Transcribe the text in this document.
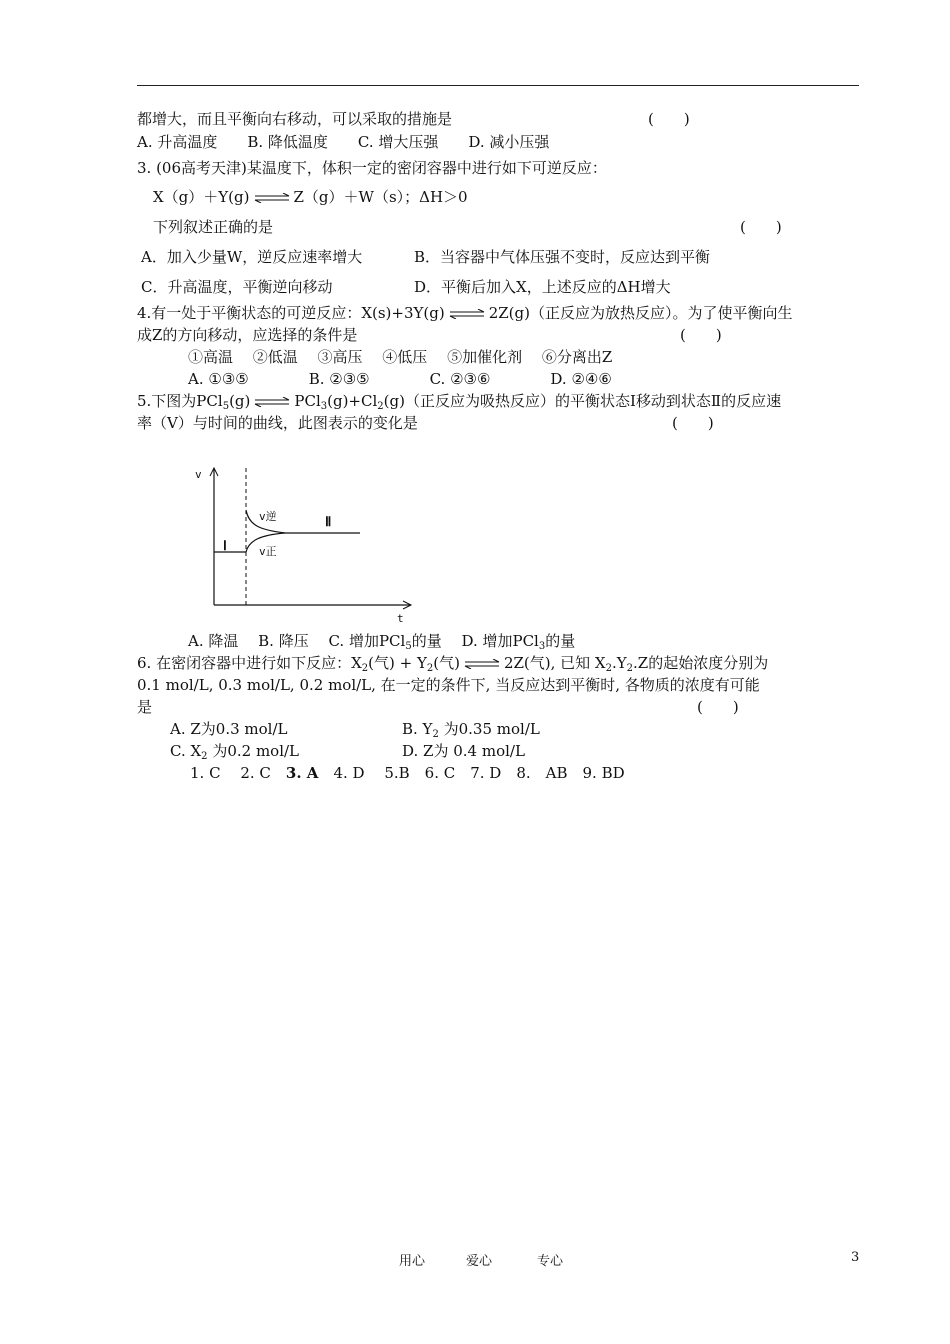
都增大，而且平衡向右移动，可以采取的措施是	(　　)
A. 升高温度　　B. 降低温度　　C. 增大压强　　D. 减小压强
3. (06高考天津)某温度下，体积一定的密闭容器中进行如下可逆反应：
X（g）＋Y(g) ⇌ Z（g）＋W（s）；ΔH＞0
下列叙述正确的是	(　　)
A．加入少量W，逆反应速率增大	B．当容器中气体压强不变时，反应达到平衡
C．升高温度，平衡逆向移动	D．平衡后加入X，上述反应的ΔH增大
4.有一处于平衡状态的可逆反应：X(s)+3Y(g) ⇌ 2Z(g)（正反应为放热反应）。为了使平衡向生
成Z的方向移动，应选择的条件是	(　　)
①高温　 ②低温　 ③高压　 ④低压　 ⑤加催化剂　 ⑥分离出Z
A. ①③⑤　　　　B. ②③⑤　　　　C. ②③⑥　　　　D. ②④⑥
5.下图为PCl$_5$(g) ⇌ $PCl_3(g)+Cl_2(g)$（正反应为吸热反应）的平衡状态Ⅰ移动到状态Ⅱ的反应速
率（V）与时间的曲线，此图表示的变化是	(　　)
v
t
Ⅰ
Ⅱ
v逆
v正
A. 降温　 B. 降压　 C. 增加PCl$_5$的量　 D. 增加PCl$_3$的量
6. 在密闭容器中进行如下反应：$X_2$(气) + $Y_2$(气) ⇌ 2Z(气), 已知 $X_2.Y_2.Z$的起始浓度分别为
0.1 mol/L, 0.3 mol/L, 0.2 mol/L, 在一定的条件下, 当反应达到平衡时, 各物质的浓度有可能
是	(　　)
A. Z为0.3 mol/L	B. $Y_2$ 为0.35 mol/L
C. $X_2$ 为0.2 mol/L	D. Z为 0.4 mol/L
1. C　 2. C　 3. A　 4. D　 5.B　6. C　7. D　8.　AB　9. BD
用心	爱心	专心	3
